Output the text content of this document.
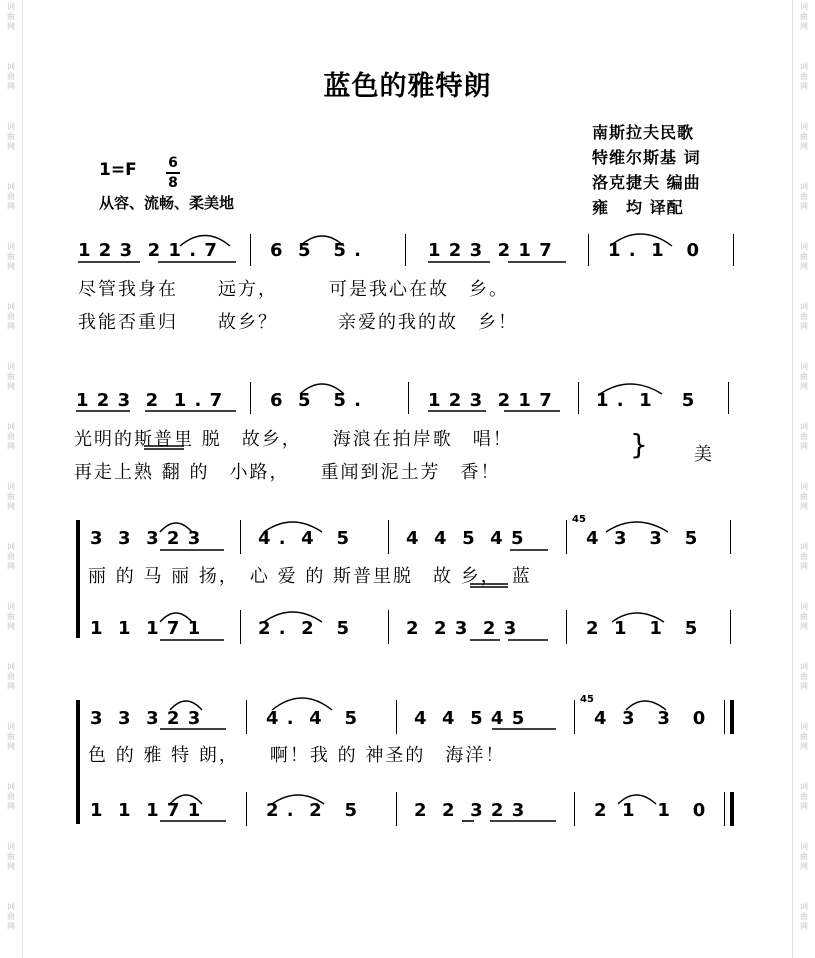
词
曲
网
词
曲
网
词
曲
网
词
曲
网
词
曲
网
词
曲
网
词
曲
网
词
曲
网
词
曲
网
词
曲
网
词
曲
网
词
曲
网
词
曲
网
词
曲
网
词
曲
网
词
曲
网
词
曲
网
词
曲
网
词
曲
网
词
曲
网
词
曲
网
词
曲
网
词
曲
网
词
曲
网
词
曲
网
词
曲
网
词
曲
网
词
曲
网
词
曲
网
词
曲
网
词
曲
网
词
曲
网
蓝色的雅特朗
南斯拉夫民歌
特维尔斯基 词
洛克捷夫 编曲
雍　均 译配
1=F 6
8
从容、流畅、柔美地
1 2 3  2 1 . 7	6  5   5 .	1 2 3  2 1 7	1 .  1   0
尽管我身在　　远方，　　　可是我心在故　乡。
我能否重归　　故乡？　　　亲爱的我的故　乡！
1 2 3  2  1 . 7	6  5   5 .	1 2 3  2 1 7 1 .  1    5
光明的斯普里 脱　故乡，　　海浪在拍岸歌　唱！
再走上熟 翻 的　小路，　　重闻到泥土芳　香！
}	美
3  3  3 2 3	4 .  4   5	4  4  5  4 5	4  3   3   5
45
丽 的 马 丽 扬，　心 爱 的 斯普里脱　故 乡，　蓝
1  1  1 7 1	2 .  2   5	2  2 3  2 3	2  1   1   5
3  3  3 2 3	4 .  4   5	4  4  5 4 5	4  3   3   0
45
色 的 雅 特 朗，　　啊！我 的 神圣的　海洋！
1  1  1 7 1	2 .  2   5	2  2  3 2 3	2  1   1   0
